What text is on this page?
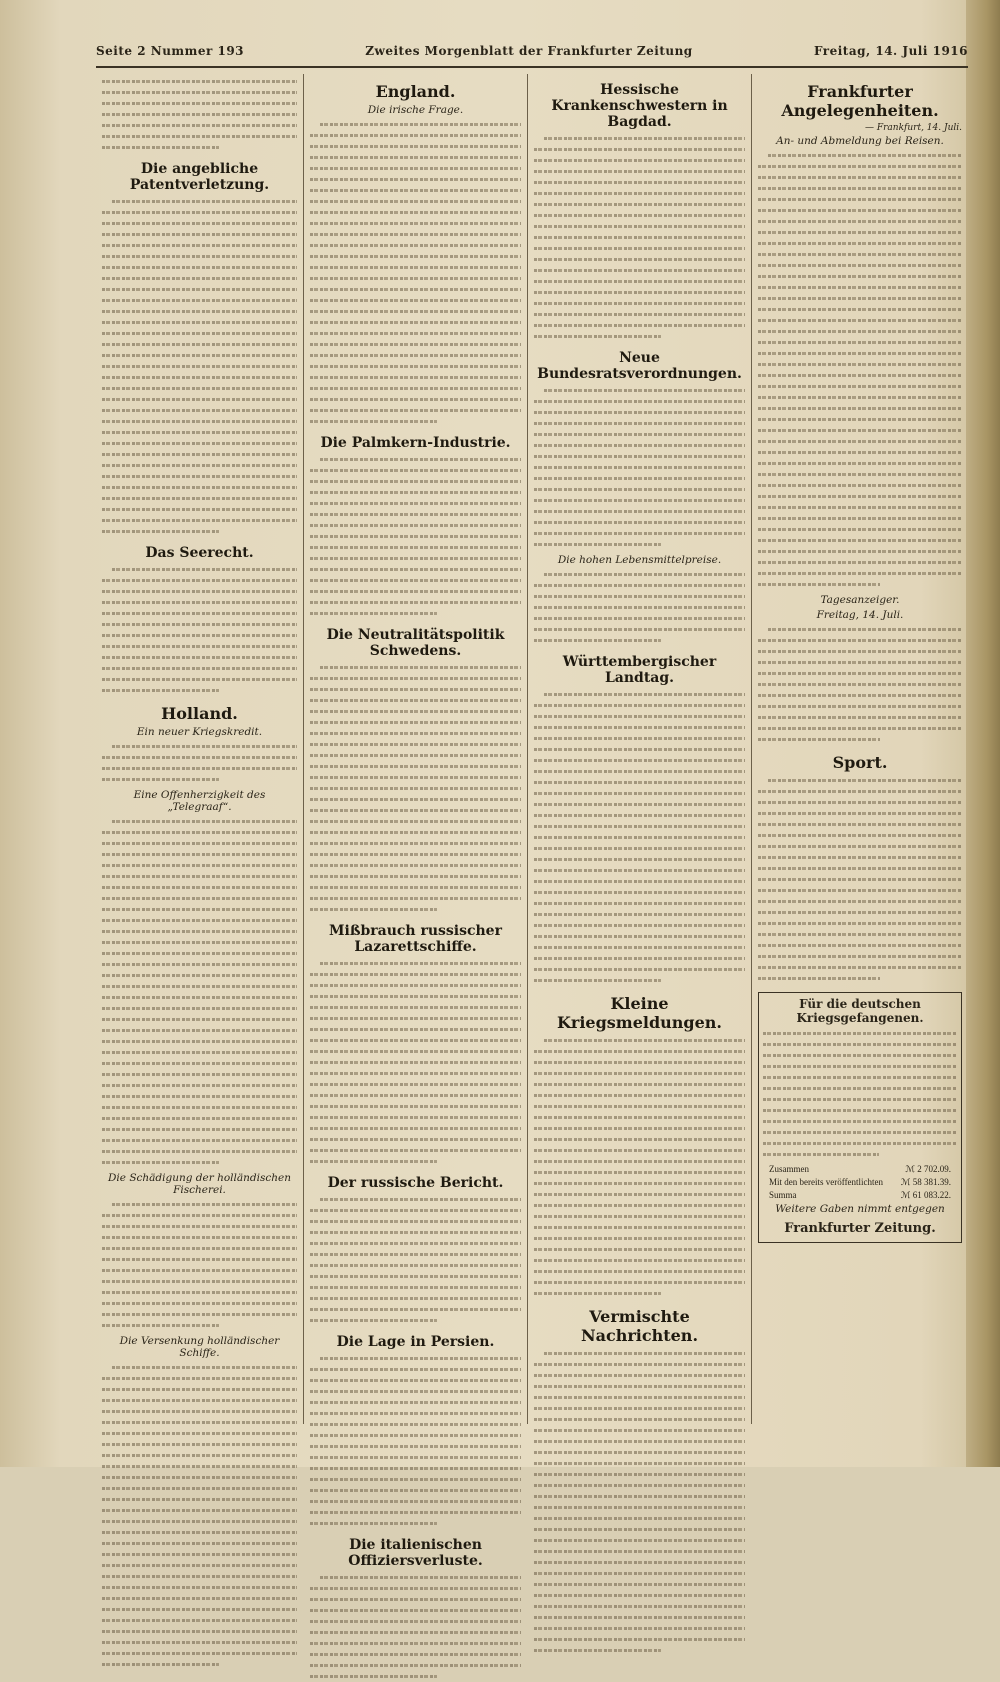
Seite 2 Nummer 193	Zweites Morgenblatt der Frankfurter Zeitung	Freitag, 14. Juli 1916
Die angebliche Patentverletzung.
Das Seerecht.
Holland.
Ein neuer Kriegskredit.
Eine Offenherzigkeit des „Telegraaf“.
Die Schädigung der holländischen Fischerei.
Die Versenkung holländischer Schiffe.
England.
Die irische Frage.
Die Palmkern-Industrie.
Die Neutralitätspolitik Schwedens.
Mißbrauch russischer Lazarettschiffe.
Der russische Bericht.
Die Lage in Persien.
Die italienischen Offiziersverluste.
Hessische Krankenschwestern in Bagdad.
Neue Bundesratsverordnungen.
Die hohen Lebensmittelpreise.
Württembergischer Landtag.
Kleine Kriegsmeldungen.
Vermischte Nachrichten.
Frankfurter Angelegenheiten.
— Frankfurt, 14. Juli.
An- und Abmeldung bei Reisen.
Tagesanzeiger.
Freitag, 14. Juli.
Sport.
Für die deutschen Kriegsgefangenen.
Zusammen	ℳ 2 702.09.
Mit den bereits veröffentlichten ℳ 58 381.39.
Summa	ℳ 61 083.22.
Weitere Gaben nimmt entgegen
Frankfurter Zeitung.
